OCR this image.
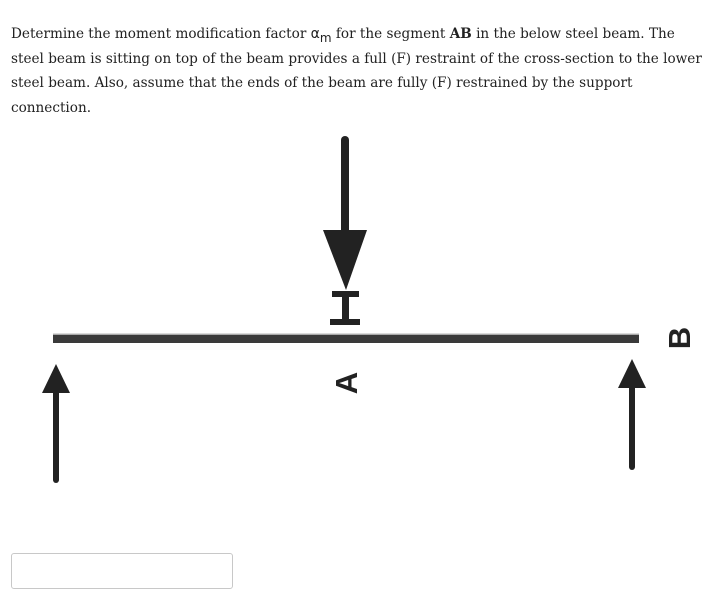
Determine the moment modification factor αm for the segment AB in the below steel beam. The steel beam is sitting on top of the beam provides a full (F) restraint of the cross-section to the lower steel beam. Also, assume that the ends of the beam are fully (F) restrained by the support connection.
A
B
